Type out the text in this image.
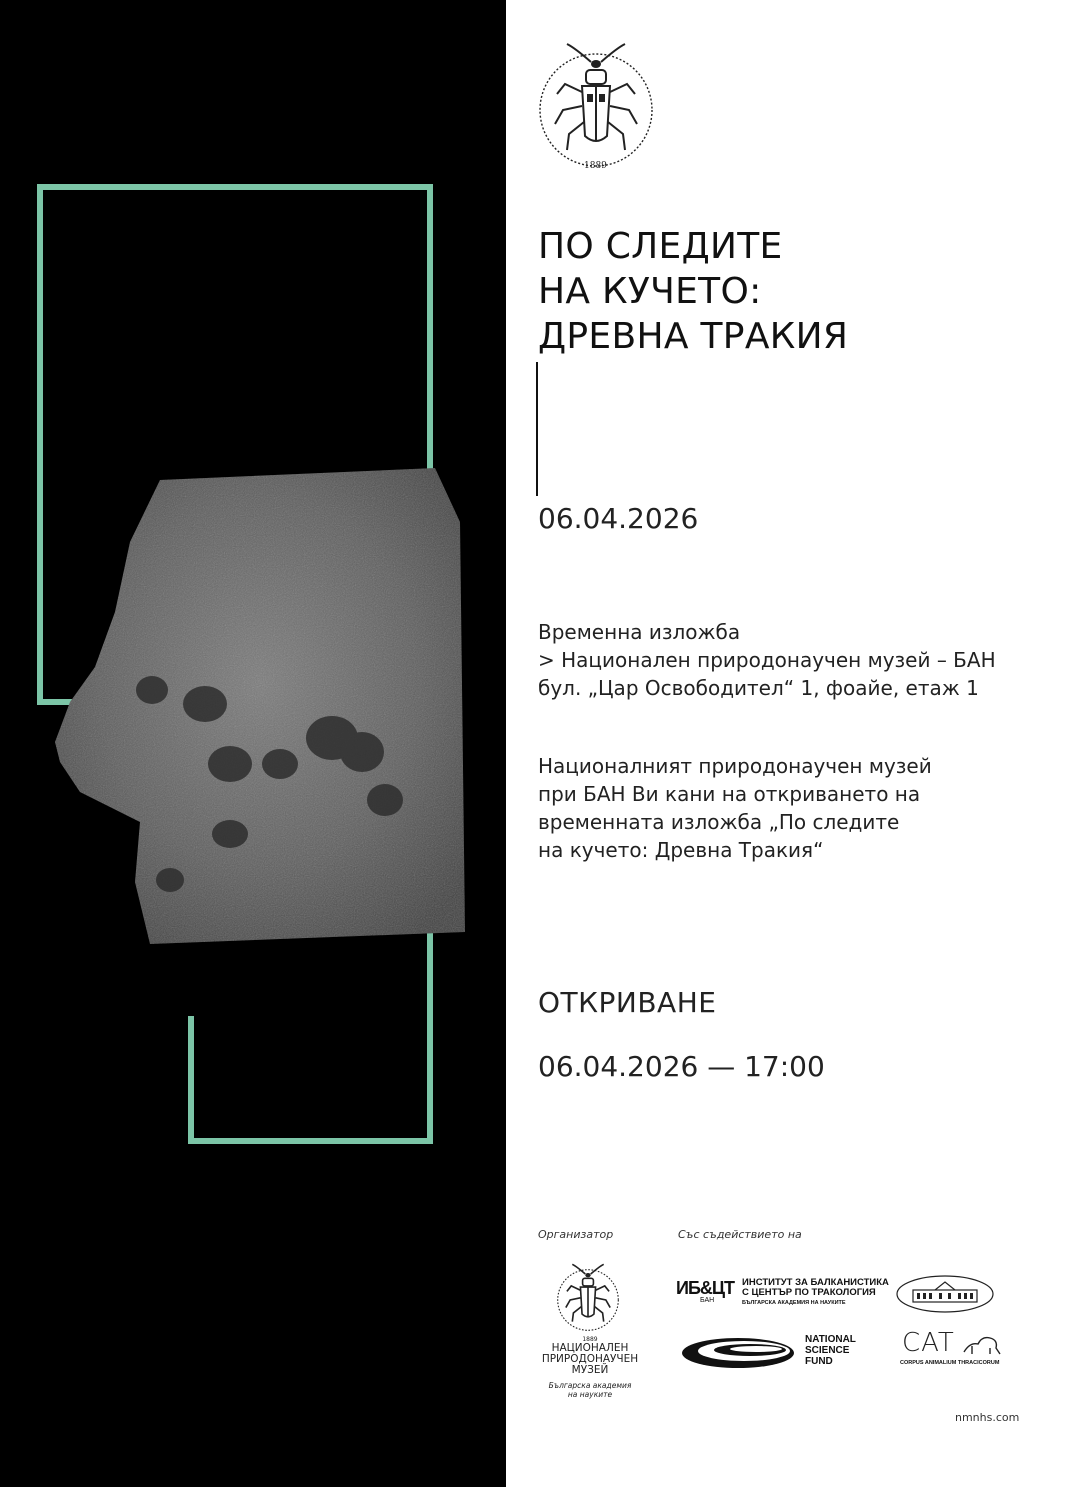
1889
ПО СЛЕДИТЕ
НА КУЧЕТО:
ДРЕВНА ТРАКИЯ
06.04.2026
Временна изложба
> Национален природонаучен музей – БАН
бул. „Цар Освободител“ 1, фоайе, етаж 1
Националният природонаучен музей
при БАН Ви кани на откриването на
временната изложба „По следите
на кучето: Древна Тракия“
ОТКРИВАНЕ
06.04.2026 — 17:00
Организатор	Със съдействието на
1889
НАЦИОНАЛЕН
ПРИРОДОНАУЧЕН
МУЗЕЙ
Българска академия
на науките
ИБ&ЦТ
БАН
ИНСТИТУТ ЗА БАЛКАНИСТИКА
С ЦЕНТЪР ПО ТРАКОЛОГИЯ
БЪЛГАРСКА АКАДЕМИЯ НА НАУКИТЕ
NATIONAL
SCIENCE
FUND
CAT
CORPUS ANIMALIUM THRACICORUM
nmnhs.com
